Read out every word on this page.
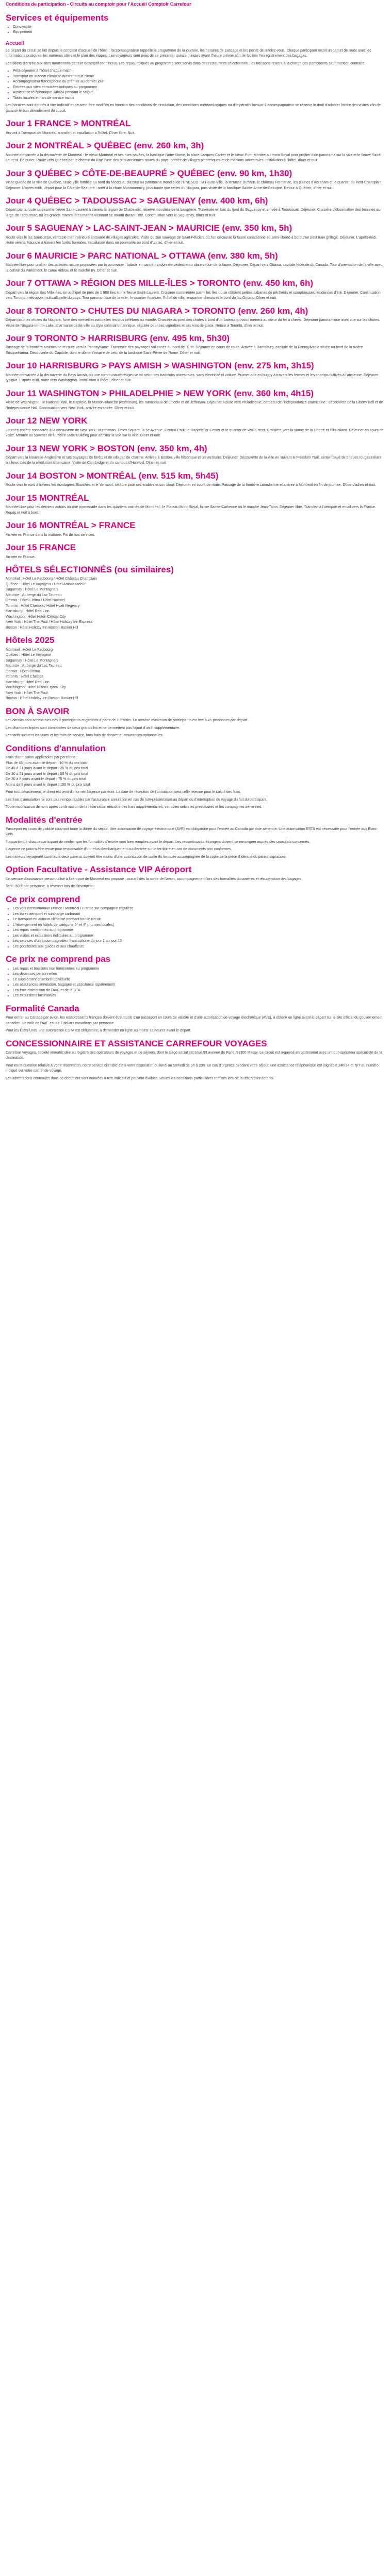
Conditions de participation - Circuits au comptoir pour l'Accueil Comptoir Carrefour
Services et équipements
• Convivialité
• Équipement
Accueil
Le départ du circuit se fait depuis le comptoir d'accueil de l'hôtel ; l'accompagnateur rappelle le programme de la journée, les horaires de passage et les points de rendez-vous. Chaque participant reçoit un carnet de route avec les informations pratiques, les numéros utiles et le plan des étapes. Les voyageurs sont priés de se présenter quinze minutes avant l'heure prévue afin de faciliter l'enregistrement des bagages.
Les billets d'entrée aux sites mentionnés dans le descriptif sont inclus. Les repas indiqués au programme sont servis dans des restaurants sélectionnés ; les boissons restent à la charge des participants sauf mention contraire.
• Petit-déjeuner à l'hôtel chaque matin
• Transport en autocar climatisé durant tout le circuit
• Accompagnateur francophone du premier au dernier jour
• Entrées aux sites et musées indiqués au programme
• Assistance téléphonique 24h/24 pendant le séjour
• Taxes locales et frais de service inclus
Les horaires sont donnés à titre indicatif et peuvent être modifiés en fonction des conditions de circulation, des conditions météorologiques ou d'impératifs locaux. L'accompagnateur se réserve le droit d'adapter l'ordre des visites afin de garantir le bon déroulement du circuit.
Jour 1 FRANCE > MONTRÉAL
Accueil à l'aéroport de Montréal, transfert et installation à l'hôtel. Dîner libre. Nuit.
Jour 2 MONTRÉAL > QUÉBEC (env. 260 km, 3h)
Matinée consacrée à la découverte de Montréal : le Vieux-Montréal et ses rues pavées, la basilique Notre-Dame, la place Jacques-Cartier et le Vieux-Port. Montée au mont Royal pour profiter d'un panorama sur la ville et le fleuve Saint-Laurent. Déjeuner. Route vers Québec par le chemin du Roy, l'une des plus anciennes routes du pays, bordée de villages pittoresques et de maisons ancestrales. Installation à l'hôtel, dîner et nuit.
Jour 3 QUÉBEC > CÔTE-DE-BEAUPRÉ > QUÉBEC (env. 90 km, 1h30)
Visite guidée de la ville de Québec, seule ville fortifiée au nord du Mexique, classée au patrimoine mondial de l'UNESCO : la Haute-Ville, la terrasse Dufferin, le château Frontenac, les plaines d'Abraham et le quartier du Petit-Champlain. Déjeuner. L'après-midi, départ pour la Côte-de-Beaupré : arrêt à la chute Montmorency, plus haute que celles du Niagara, puis visite de la basilique Sainte-Anne-de-Beaupré. Retour à Québec, dîner et nuit.
Jour 4 QUÉBEC > TADOUSSAC > SAGUENAY (env. 400 km, 6h)
Départ par la route longeant le fleuve Saint-Laurent à travers la région de Charlevoix, réserve mondiale de la biosphère. Traversée en bac du fjord du Saguenay et arrivée à Tadoussac. Déjeuner. Croisière d'observation des baleines au large de Tadoussac, où les grands mammifères marins viennent se nourrir durant l'été. Continuation vers le Saguenay, dîner et nuit.
Jour 5 SAGUENAY > LAC-SAINT-JEAN > MAURICIE (env. 350 km, 5h)
Route vers le lac Saint-Jean, véritable mer intérieure entourée de villages agricoles. Visite du zoo sauvage de Saint-Félicien, où l'on découvre la faune canadienne en semi-liberté à bord d'un petit train grillagé. Déjeuner. L'après-midi, route vers la Mauricie à travers les forêts boréales. Installation dans un pourvoirie au bord d'un lac, dîner et nuit.
Jour 6 MAURICIE > PARC NATIONAL > OTTAWA (env. 380 km, 5h)
Matinée libre pour profiter des activités nature proposées par la pourvoirie : balade en canoë, randonnée pédestre ou observation de la faune. Déjeuner. Départ vers Ottawa, capitale fédérale du Canada. Tour d'orientation de la ville avec la colline du Parlement, le canal Rideau et le marché By. Dîner et nuit.
Jour 7 OTTAWA > RÉGION DES MILLE-ÎLES > TORONTO (env. 450 km, 6h)
Départ vers la région des Mille-Îles, un archipel de près de 1 800 îles sur le fleuve Saint-Laurent. Croisière commentée parmi les îles où se côtoient petites cabanes de pêcheurs et somptueuses résidences d'été. Déjeuner. Continuation vers Toronto, métropole multiculturelle du pays. Tour panoramique de la ville : le quartier financier, l'hôtel de ville, le quartier chinois et le bord du lac Ontario. Dîner et nuit.
Jour 8 TORONTO > CHUTES DU NIAGARA > TORONTO (env. 260 km, 4h)
Départ pour les chutes du Niagara, l'une des merveilles naturelles les plus célèbres au monde. Croisière au pied des chutes à bord d'un bateau qui vous mènera au cœur du fer à cheval. Déjeuner panoramique avec vue sur les chutes. Visite de Niagara-on-the-Lake, charmante petite ville au style colonial britannique, réputée pour ses vignobles et ses vins de glace. Retour à Toronto, dîner et nuit.
Jour 9 TORONTO > HARRISBURG (env. 495 km, 5h30)
Passage de la frontière américaine et route vers la Pennsylvanie. Traversée des paysages vallonnés du nord de l'État. Déjeuner en cours de route. Arrivée à Harrisburg, capitale de la Pennsylvanie située au bord de la rivière Susquehanna. Découverte du Capitole, dont le dôme s'inspire de celui de la basilique Saint-Pierre de Rome. Dîner et nuit.
Jour 10 HARRISBURG > PAYS AMISH > WASHINGTON (env. 275 km, 3h15)
Matinée consacrée à la découverte du Pays Amish, où une communauté religieuse vit selon des traditions ancestrales, sans électricité ni voiture. Promenade en buggy à travers les fermes et les champs cultivés à l'ancienne. Déjeuner typique. L'après-midi, route vers Washington. Installation à l'hôtel, dîner et nuit.
Jour 11 WASHINGTON > PHILADELPHIE > NEW YORK (env. 360 km, 4h15)
Visite de Washington : le National Mall, le Capitole, la Maison-Blanche (extérieurs), les mémoriaux de Lincoln et de Jefferson. Déjeuner. Route vers Philadelphie, berceau de l'indépendance américaine : découverte de la Liberty Bell et de l'Independence Hall. Continuation vers New York, arrivée en soirée. Dîner et nuit.
Jour 12 NEW YORK
Journée entière consacrée à la découverte de New York : Manhattan, Times Square, la 5e Avenue, Central Park, le Rockefeller Center et le quartier de Wall Street. Croisière vers la statue de la Liberté et Ellis Island. Déjeuner en cours de visite. Montée au sommet de l'Empire State Building pour admirer la vue sur la ville. Dîner et nuit.
Jour 13 NEW YORK > BOSTON (env. 350 km, 4h)
Départ vers la Nouvelle-Angleterre et ses paysages de forêts et de villages de charme. Arrivée à Boston, ville historique et universitaire. Déjeuner. Découverte de la ville en suivant le Freedom Trail, sentier pavé de briques rouges reliant les lieux clés de la révolution américaine. Visite de Cambridge et du campus d'Harvard. Dîner et nuit.
Jour 14 BOSTON > MONTRÉAL (env. 515 km, 5h45)
Route vers le nord à travers les montagnes Blanches et le Vermont, célèbre pour ses érables et son sirop. Déjeuner en cours de route. Passage de la frontière canadienne et arrivée à Montréal en fin de journée. Dîner d'adieu et nuit.
Jour 15 MONTRÉAL
Matinée libre pour les derniers achats ou une promenade dans les quartiers animés de Montréal : le Plateau Mont-Royal, la rue Sainte-Catherine ou le marché Jean-Talon. Déjeuner libre. Transfert à l'aéroport et envol vers la France. Repas et nuit à bord.
Jour 16 MONTRÉAL > FRANCE
Arrivée en France dans la matinée. Fin de nos services.
Jour 15 FRANCE
Arrivée en France.
HÔTELS SÉLECTIONNÉS (ou similaires)
Montréal : Hôtel Le Faubourg / Hôtel Château Champlain
Québec : Hôtel Le Voyageur / Hôtel Ambassadeur
Saguenay : Hôtel Le Montagnais
Mauricie : Auberge du Lac Taureau
Ottawa : Hôtel Chimo / Hôtel Novotel
Toronto : Hôtel Chelsea / Hôtel Hyatt Regency
Harrisburg : Hôtel Red Lion
Washington : Hôtel Hilton Crystal City
New York : Hôtel The Paul / Hôtel Holiday Inn Express
Boston : Hôtel Holiday Inn Boston Bunker Hill
Hôtels 2025
Montréal : Hôtel Le Faubourg
Québec : Hôtel Le Voyageur
Saguenay : Hôtel Le Montagnais
Mauricie : Auberge du Lac Taureau
Ottawa : Hôtel Chimo
Toronto : Hôtel Chelsea
Harrisburg : Hôtel Red Lion
Washington : Hôtel Hilton Crystal City
New York : Hôtel The Paul
Boston : Hôtel Holiday Inn Boston Bunker Hill
BON À SAVOIR
Les circuits sont accessibles dès 2 participants et garantis à partir de 2 inscrits. Le nombre maximum de participants est fixé à 45 personnes par départ.
Les chambres triples sont composées de deux grands lits et ne permettent pas l'ajout d'un lit supplémentaire.
Les tarifs incluent les taxes et les frais de service, hors frais de dossier et assurances optionnelles.
Conditions d'annulation
Frais d'annulation applicables par personne :
Plus de 45 jours avant le départ : 10 % du prix total
De 45 à 31 jours avant le départ : 25 % du prix total
De 30 à 21 jours avant le départ : 50 % du prix total
De 20 à 8 jours avant le départ : 75 % du prix total
Moins de 8 jours avant le départ : 100 % du prix total
Pour tout désistement, le client est tenu d'informer l'agence par écrit. La date de réception de l'annulation sera celle retenue pour le calcul des frais.
Les frais d'annulation ne sont pas remboursables par l'assurance annulation en cas de non-présentation au départ ou d'interruption du voyage du fait du participant.
Toute modification de nom après confirmation de la réservation entraîne des frais supplémentaires, variables selon les prestataires et les compagnies aériennes.
Modalités d'entrée
Passeport en cours de validité couvrant toute la durée du séjour. Une autorisation de voyage électronique (AVE) est obligatoire pour l'entrée au Canada par voie aérienne. Une autorisation ESTA est nécessaire pour l'entrée aux États-Unis.
Il appartient à chaque participant de vérifier que les formalités d'entrée sont bien remplies avant le départ. Les ressortissants étrangers doivent se renseigner auprès des consulats concernés.
L'agence ne pourra être tenue pour responsable d'un refus d'embarquement ou d'entrée sur le territoire en cas de documents non conformes.
Les mineurs voyageant sans leurs deux parents doivent être munis d'une autorisation de sortie du territoire accompagnée de la copie de la pièce d'identité du parent signataire.
Option Facultative - Assistance VIP Aéroport
Un service d'assistance personnalisé à l'aéroport de Montréal est proposé : accueil dès la sortie de l'avion, accompagnement lors des formalités douanières et récupération des bagages.
Tarif : 60 € par personne, à réserver lors de l'inscription.
Ce prix comprend
• Les vols internationaux France / Montréal / France sur compagnie régulière
• Les taxes aéroport et surcharge carburant
• Le transport en autocar climatisé pendant tout le circuit
• L'hébergement en hôtels de catégorie 3* et 4* (normes locales)
• Les repas mentionnés au programme
• Les visites et excursions indiquées au programme
• Les services d'un accompagnateur francophone du jour 1 au jour 15
• Les pourboires aux guides et aux chauffeurs
Ce prix ne comprend pas
• Les repas et boissons non mentionnés au programme
• Les dépenses personnelles
• Le supplément chambre individuelle
• Les assurances annulation, bagages et assistance rapatriement
• Les frais d'obtention de l'AVE et de l'ESTA
• Les excursions facultatives
Formalité Canada
Pour entrer au Canada par avion, les ressortissants français doivent être munis d'un passeport en cours de validité et d'une autorisation de voyage électronique (AVE), à obtenir en ligne avant le départ sur le site officiel du gouvernement canadien. Le coût de l'AVE est de 7 dollars canadiens par personne.
Pour les États-Unis, une autorisation ESTA est obligatoire, à demander en ligne au moins 72 heures avant le départ.
CONCESSIONNAIRE ET ASSISTANCE CARREFOUR VOYAGES
Carrefour Voyages, société immatriculée au registre des opérateurs de voyages et de séjours, dont le siège social est situé 93 avenue de Paris, 91300 Massy. Le circuit est organisé en partenariat avec un tour-opérateur spécialiste de la destination.
Pour toute question relative à votre réservation, notre service clientèle est à votre disposition du lundi au samedi de 9h à 20h. En cas d'urgence pendant votre séjour, une assistance téléphonique est joignable 24h/24 et 7j/7 au numéro indiqué sur votre carnet de voyage.
Les informations contenues dans ce document sont données à titre indicatif et peuvent évoluer. Seules les conditions particulières remises lors de la réservation font foi.
